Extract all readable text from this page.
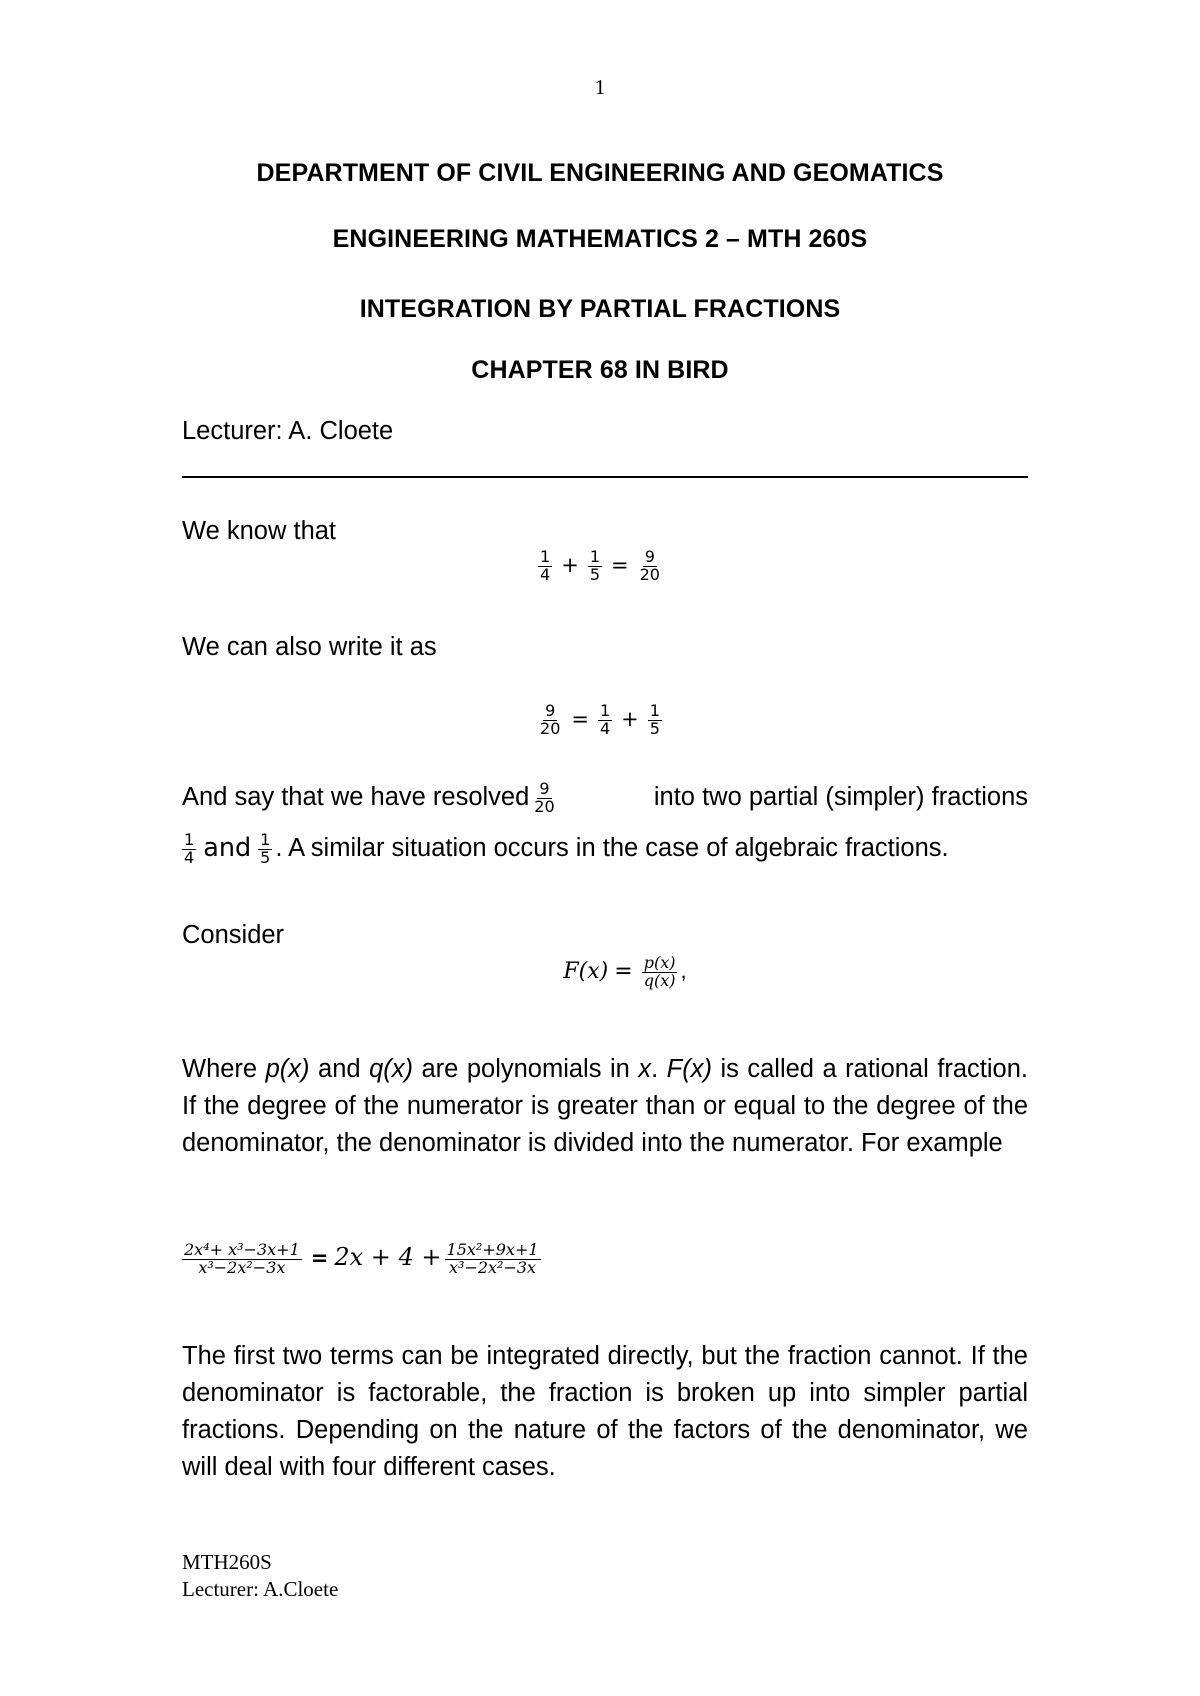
1
DEPARTMENT OF CIVIL ENGINEERING AND GEOMATICS
ENGINEERING MATHEMATICS 2 – MTH 260S
INTEGRATION BY PARTIAL FRACTIONS
CHAPTER 68 IN BIRD
Lecturer: A. Cloete
We know that
$\frac{1}{4} + \frac{1}{5} = \frac{9}{20}$
We can also write it as
$\frac{9}{20} = \frac{1}{4} + \frac{1}{5}$
And say that we have resolved $\frac{9}{20}$	into two partial (simpler) fractions
$\frac{1}{4}$ and $\frac{1}{5}$ . A similar situation occurs in the case of algebraic fractions.
Consider
$F(x) = \frac{p(x)}{q(x)}$ ,
Where p(x) and q(x) are polynomials in x. F(x) is called a rational fraction. If the degree of the numerator is greater than or equal to the degree of the denominator, the denominator is divided into the numerator. For example
$\frac{\text{2x⁴+ x³−3x+1}}{\text{x³−2x²−3x}} = 2x + 4 + \frac{\text{15x²+9x+1}}{\text{x³−2x²−3x}}$
The first two terms can be integrated directly, but the fraction cannot. If the denominator is factorable, the fraction is broken up into simpler partial fractions. Depending on the nature of the factors of the denominator, we will deal with four different cases.
MTH260S
Lecturer: A.Cloete
